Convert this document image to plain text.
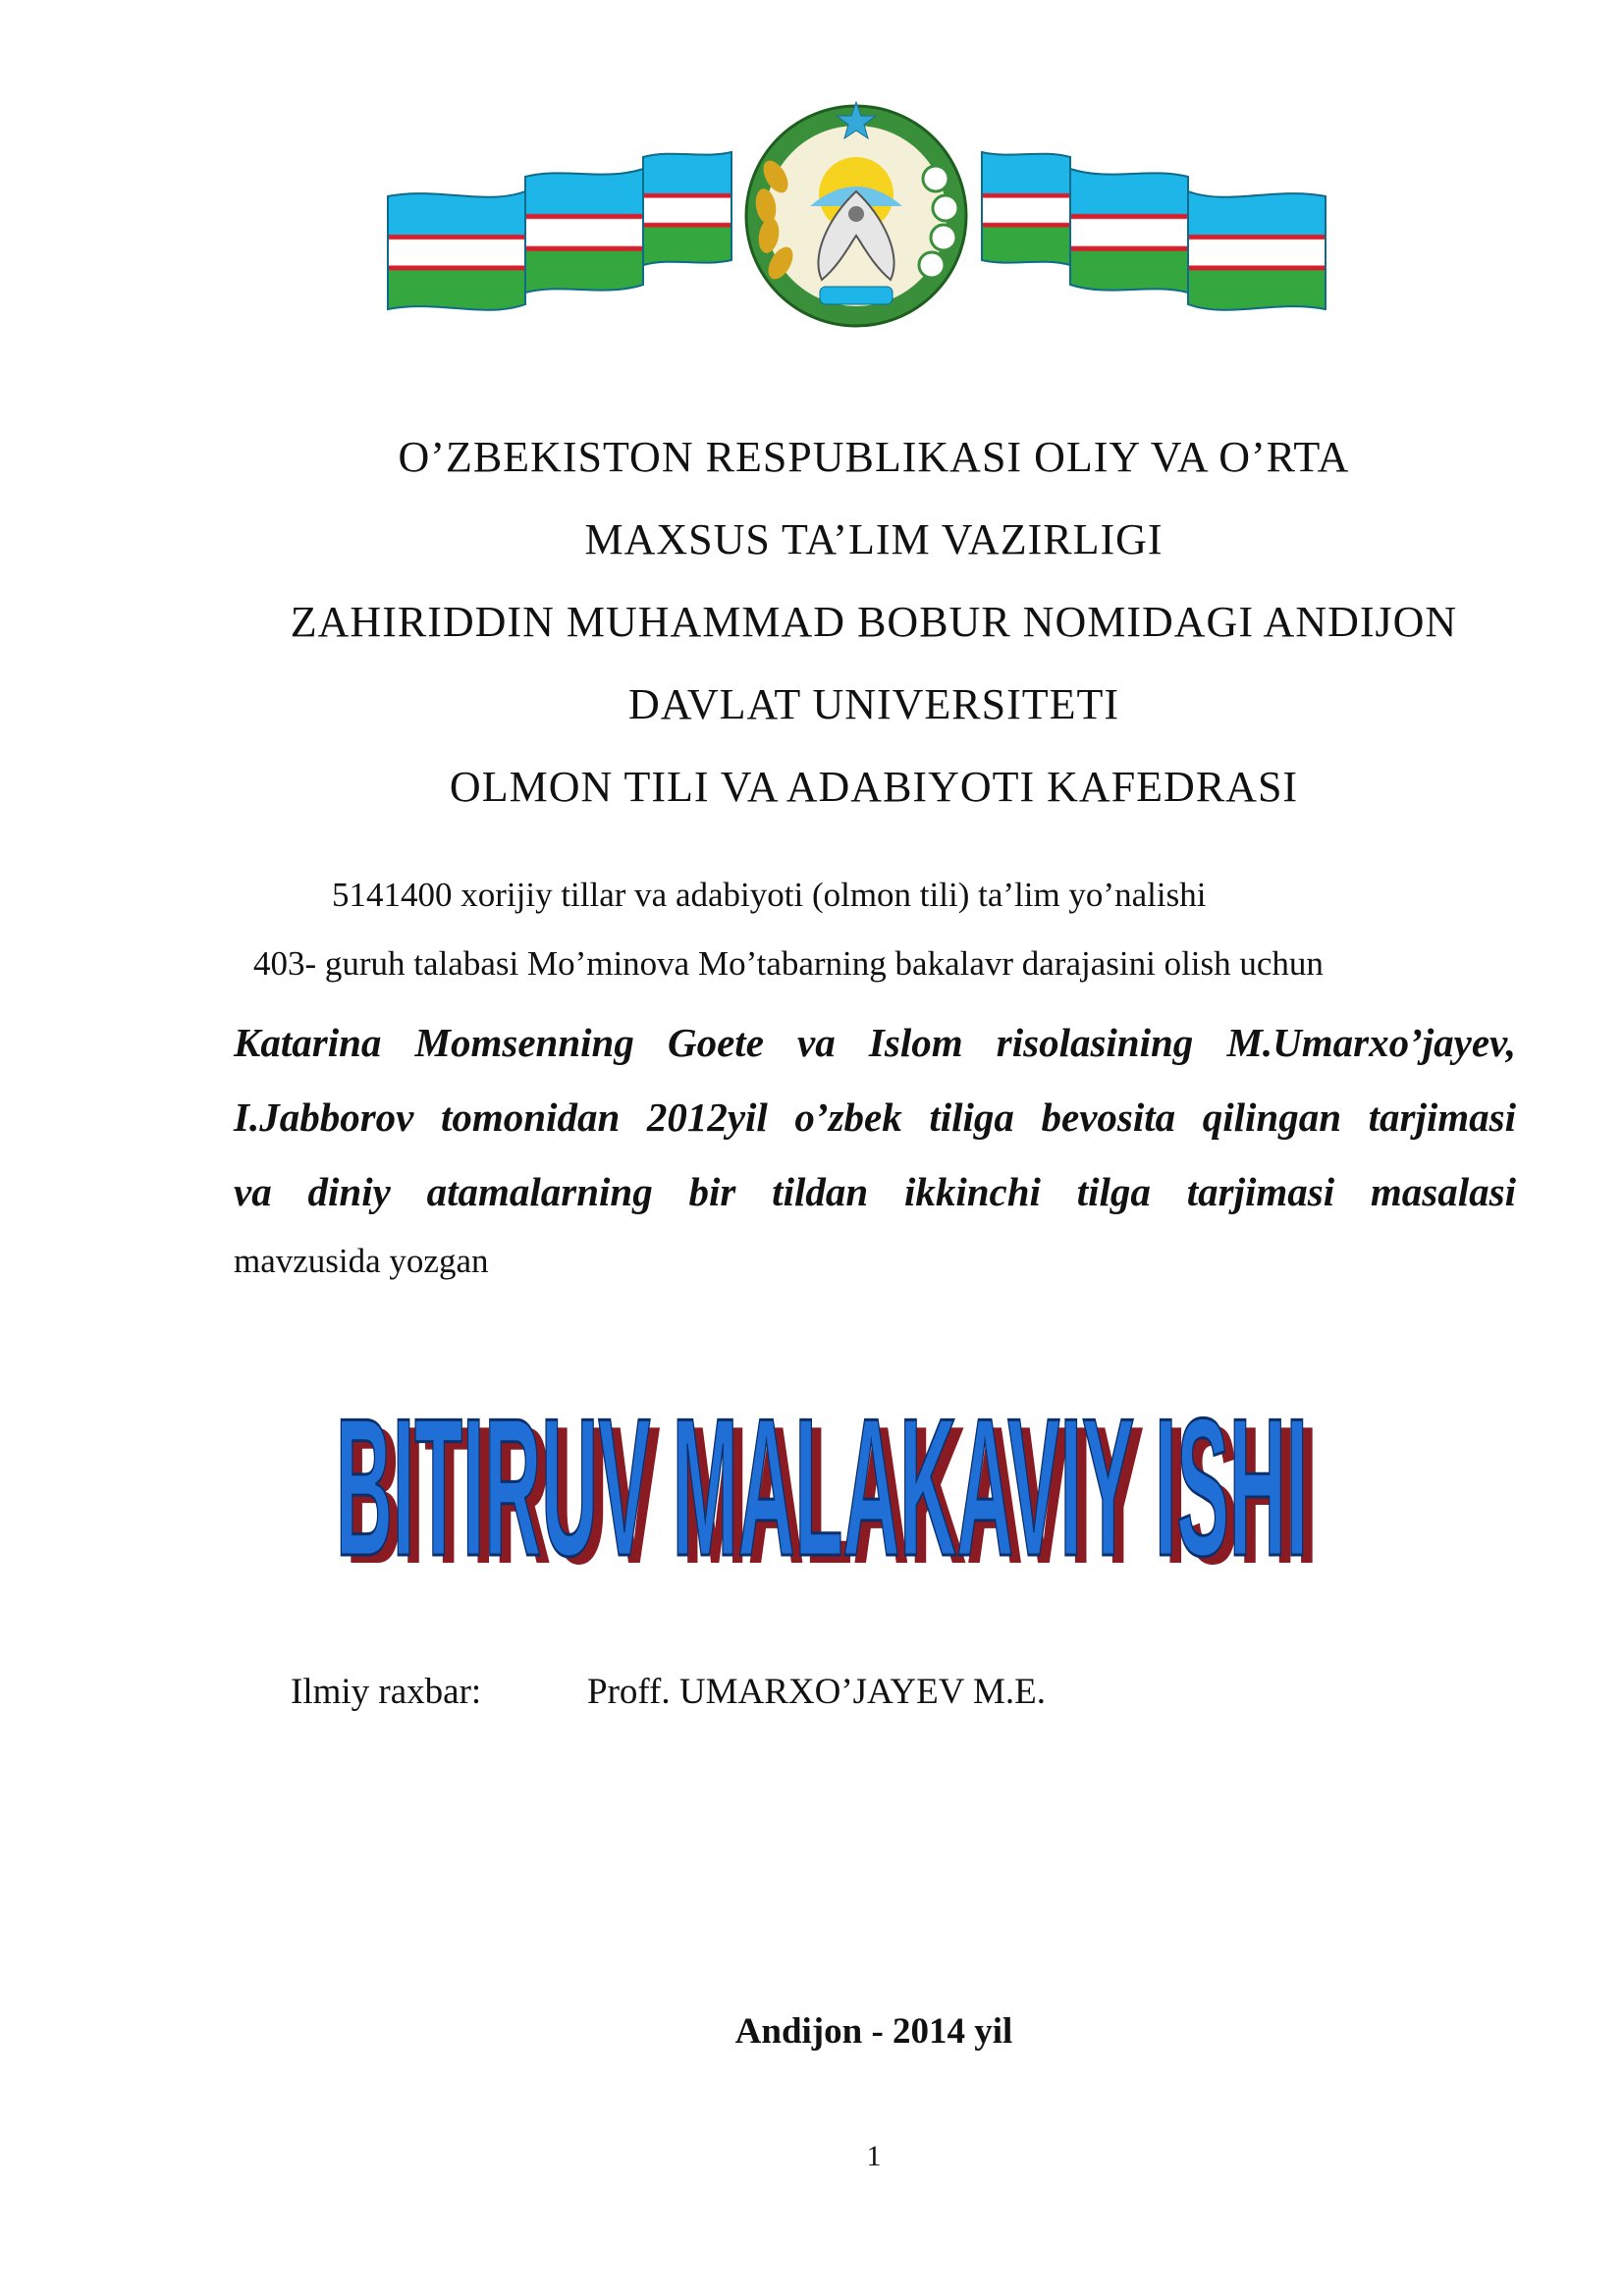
O’ZBEKISTON RESPUBLIKASI OLIY VA O’RTA
MAXSUS TA’LIM VAZIRLIGI
ZAHIRIDDIN MUHAMMAD BOBUR NOMIDAGI ANDIJON
DAVLAT UNIVERSITETI
OLMON TILI VA ADABIYOTI KAFEDRASI
5141400 xorijiy tillar va adabiyoti (olmon tili) ta’lim yo’nalishi
403- guruh talabasi Mo’minova Mo’tabarning bakalavr darajasini olish uchun
Katarina Momsenning Goete va Islom risolasining M.Umarxo’jayev,
I.Jabborov tomonidan 2012yil o’zbek tiliga bevosita qilingan tarjimasi
va diniy atamalarning bir tildan ikkinchi tilga tarjimasi masalasi
mavzusida yozgan
BITIRUV MALAKAVIY ISHI
BITIRUV MALAKAVIY ISHI
Ilmiy raxbar:	Proff. UMARXO’JAYEV M.E.
Andijon - 2014 yil
1
